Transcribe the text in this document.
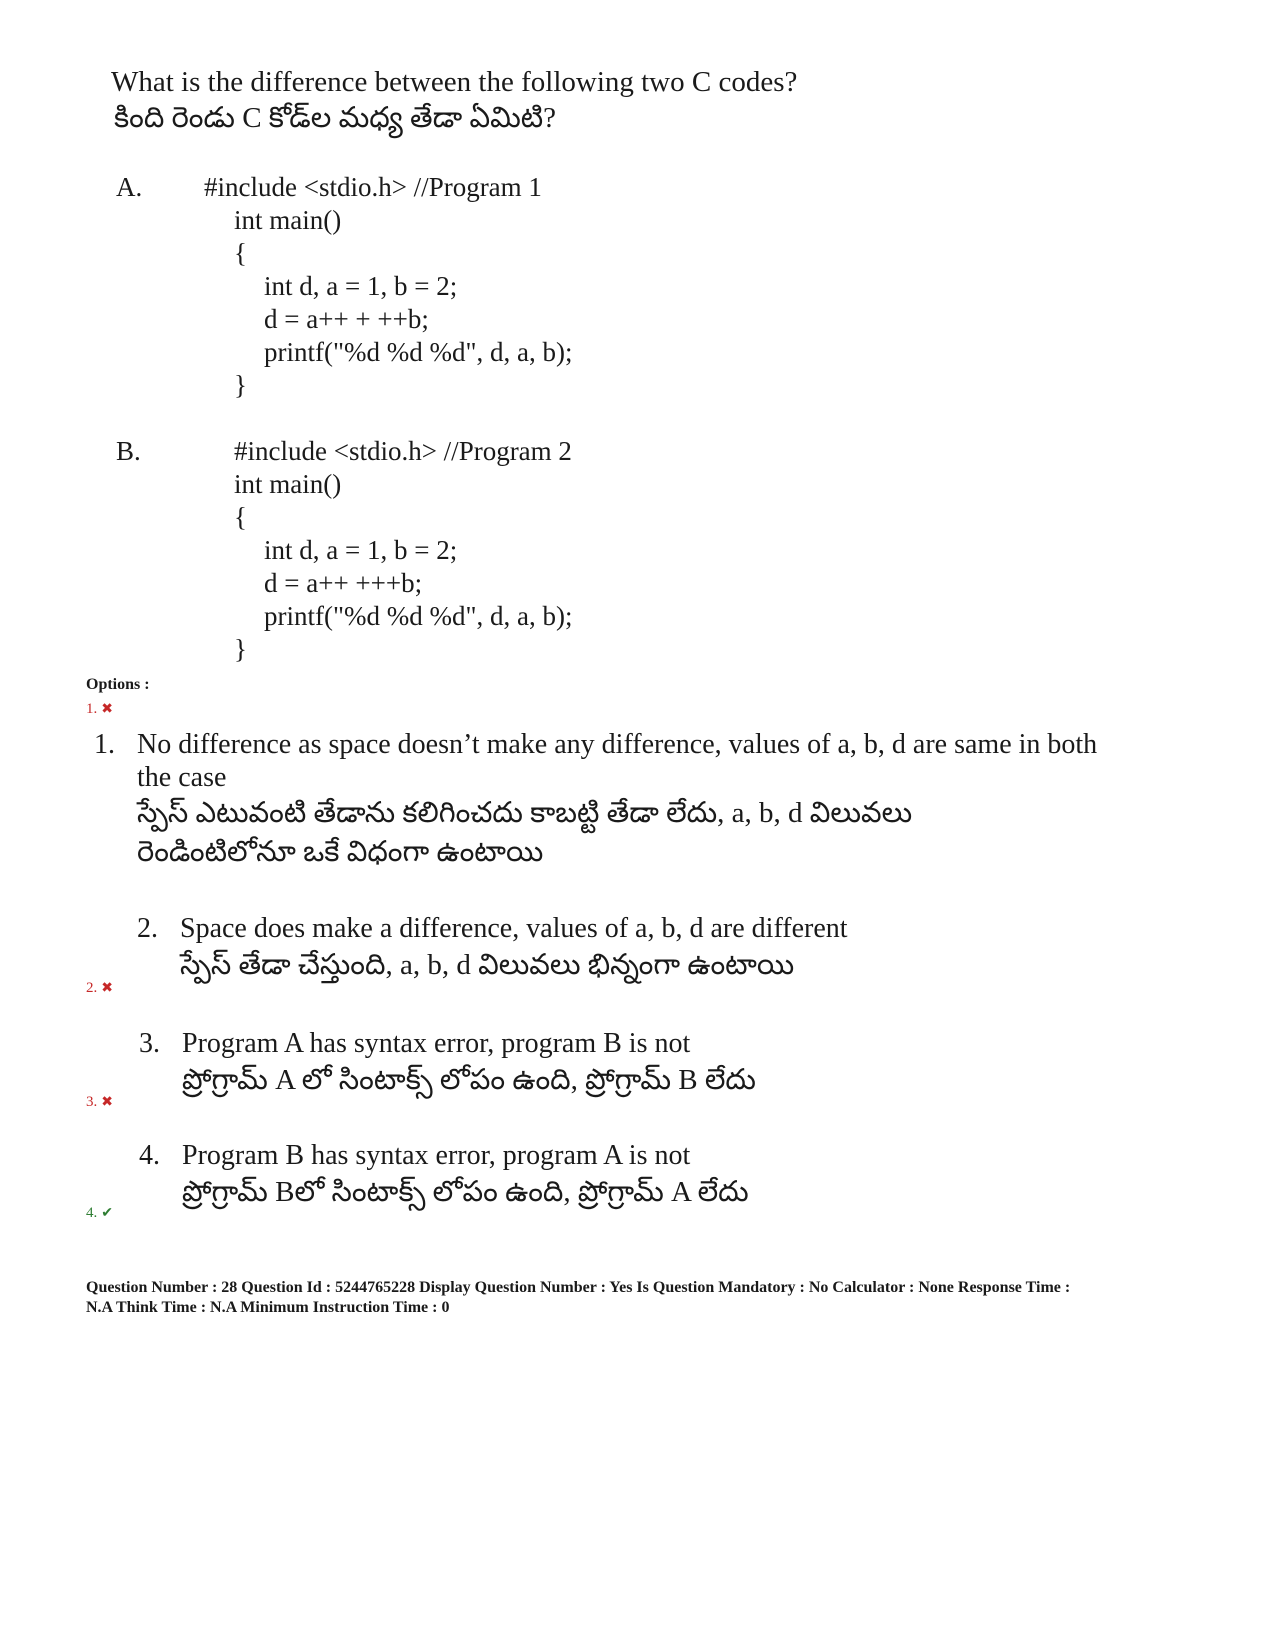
What is the difference between the following two C codes?
కింది రెండు C కోడ్‌ల మధ్య తేడా ఏమిటి?
A. #include <stdio.h> //Program 1
int main()
{
int d, a = 1, b = 2;
d = a++ + ++b;
printf("%d %d %d", d, a, b);
}
B.	#include <stdio.h> //Program 2
int main()
{
int d, a = 1, b = 2;
d = a++ +++b;
printf("%d %d %d", d, a, b);
}
Options :
1. ✖
1. No difference as space doesn’t make any difference, values of a, b, d are same in both
the case
స్పేస్ ఎటువంటి తేడాను కలిగించదు కాబట్టి తేడా లేదు, a, b, d విలువలు
రెండింటిలోనూ ఒకే విధంగా ఉంటాయి
2. Space does make a difference, values of a, b, d are different
స్పేస్ తేడా చేస్తుంది, a, b, d విలువలు భిన్నంగా ఉంటాయి
2. ✖
3. Program A has syntax error, program B is not
ప్రోగ్రామ్ A లో సింటాక్స్ లోపం ఉంది, ప్రోగ్రామ్ B లేదు
3. ✖
4. Program B has syntax error, program A is not
ప్రోగ్రామ్ Bలో సింటాక్స్ లోపం ఉంది, ప్రోగ్రామ్ A లేదు
4. ✔
Question Number : 28 Question Id : 5244765228 Display Question Number : Yes Is Question Mandatory : No Calculator : None Response Time :
N.A Think Time : N.A Minimum Instruction Time : 0
